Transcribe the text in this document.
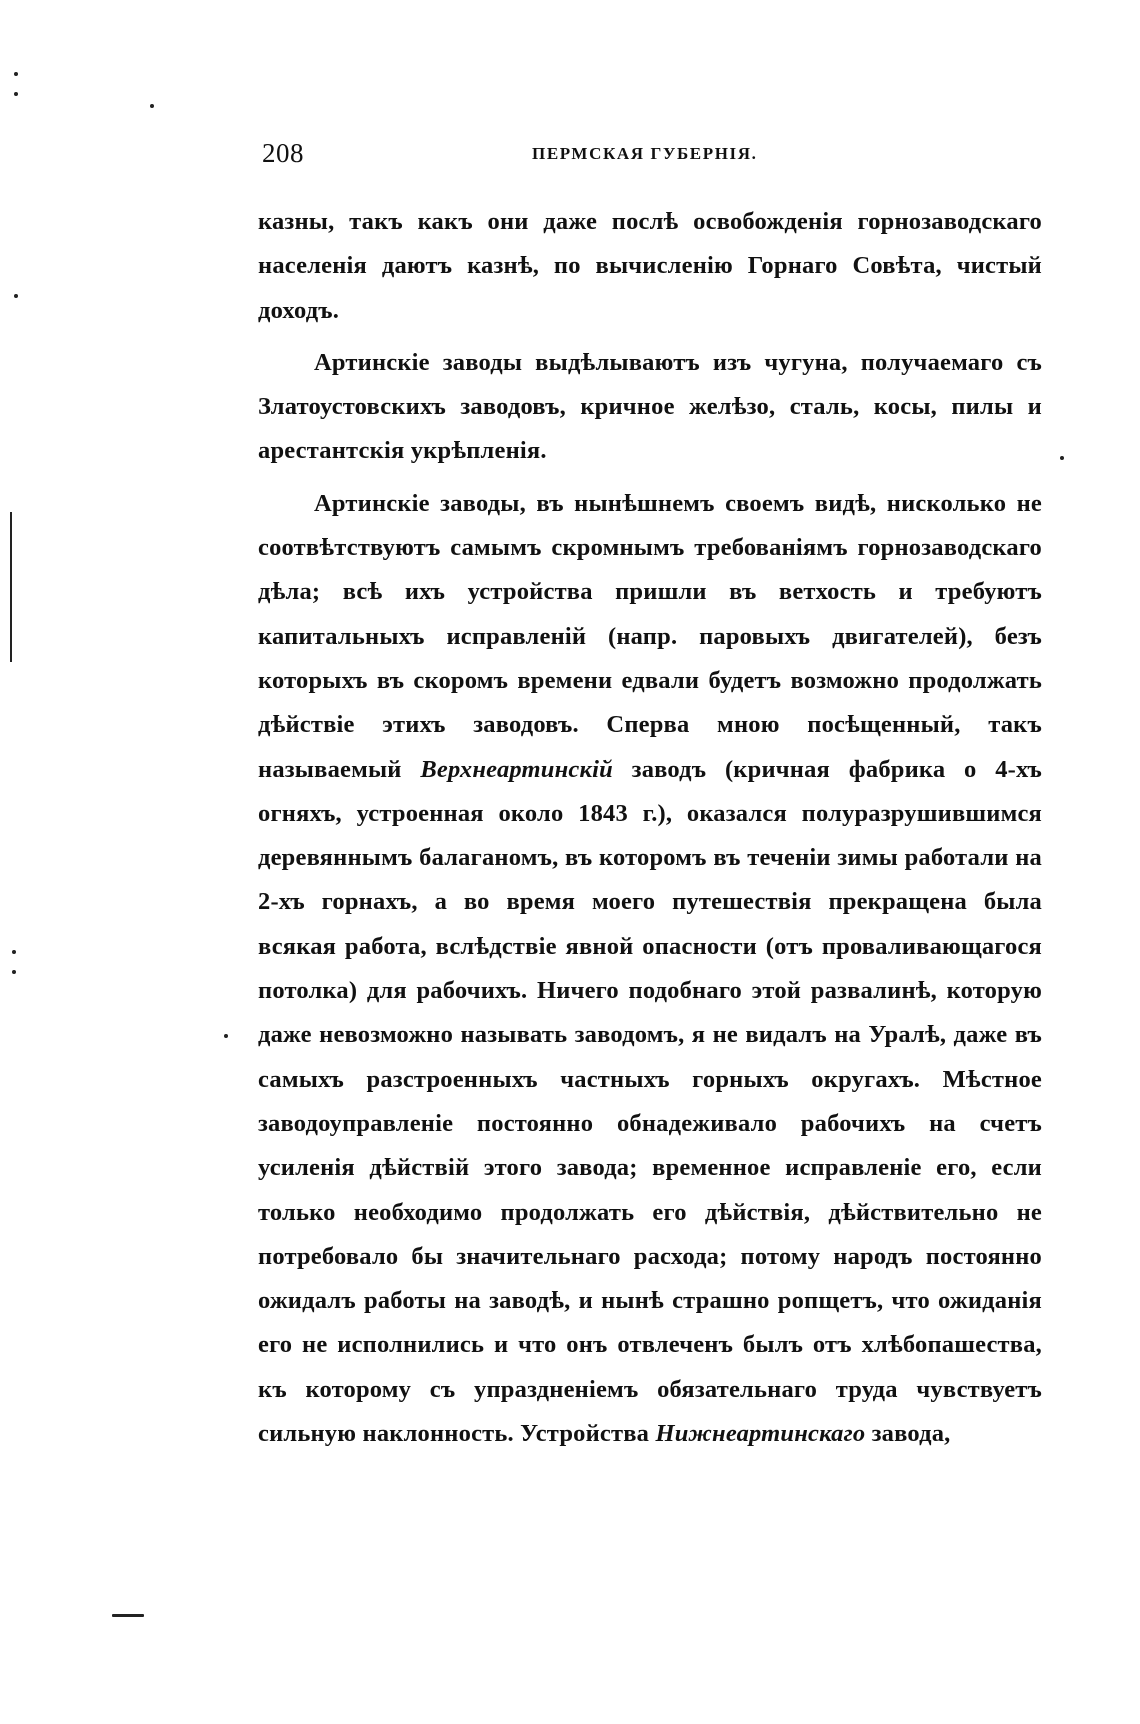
208	ПЕРМСКАЯ ГУБЕРНІЯ.

казны, такъ какъ они даже послѣ освобожденія горнозаводскаго населенія даютъ казнѣ, по вычисленію Горнаго Совѣта, чистый доходъ.

Артинскіе заводы выдѣлываютъ изъ чугуна, получаемаго съ Златоустовскихъ заводовъ, кричное желѣзо, сталь, косы, пилы и арестантскія укрѣпленія.

Артинскіе заводы, въ нынѣшнемъ своемъ видѣ, нисколько не соотвѣтствуютъ самымъ скромнымъ требованіямъ горнозаводскаго дѣла; всѣ ихъ устройства пришли въ ветхость и требуютъ капитальныхъ исправленій (напр. паровыхъ двигателей), безъ которыхъ въ скоромъ времени едвали будетъ возможно продолжать дѣйствіе этихъ заводовъ. Сперва мною посѣщенный, такъ называемый Верхнеартинскій заводъ (кричная фабрика о 4-хъ огняхъ, устроенная около 1843 г.), оказался полуразрушившимся деревяннымъ балаганомъ, въ которомъ въ теченіи зимы работали на 2-хъ горнахъ, а во время моего путешествія прекращена была всякая работа, вслѣдствіе явной опасности (отъ проваливающагося потолка) для рабочихъ. Ничего подобнаго этой развалинѣ, которую даже невозможно называть заводомъ, я не видалъ на Уралѣ, даже въ самыхъ разстроенныхъ частныхъ горныхъ округахъ. Мѣстное заводоуправленіе постоянно обнадеживало рабочихъ на счетъ усиленія дѣйствій этого завода; временное исправленіе его, если только необходимо продолжать его дѣйствія, дѣйствительно не потребовало бы значительнаго расхода; потому народъ постоянно ожидалъ работы на заводѣ, и нынѣ страшно ропщетъ, что ожиданія его не исполнились и что онъ отвлеченъ былъ отъ хлѣбопашества, къ которому съ упраздненіемъ обязательнаго труда чувствуетъ сильную наклонность. Устройства Нижнеартинскаго завода,
